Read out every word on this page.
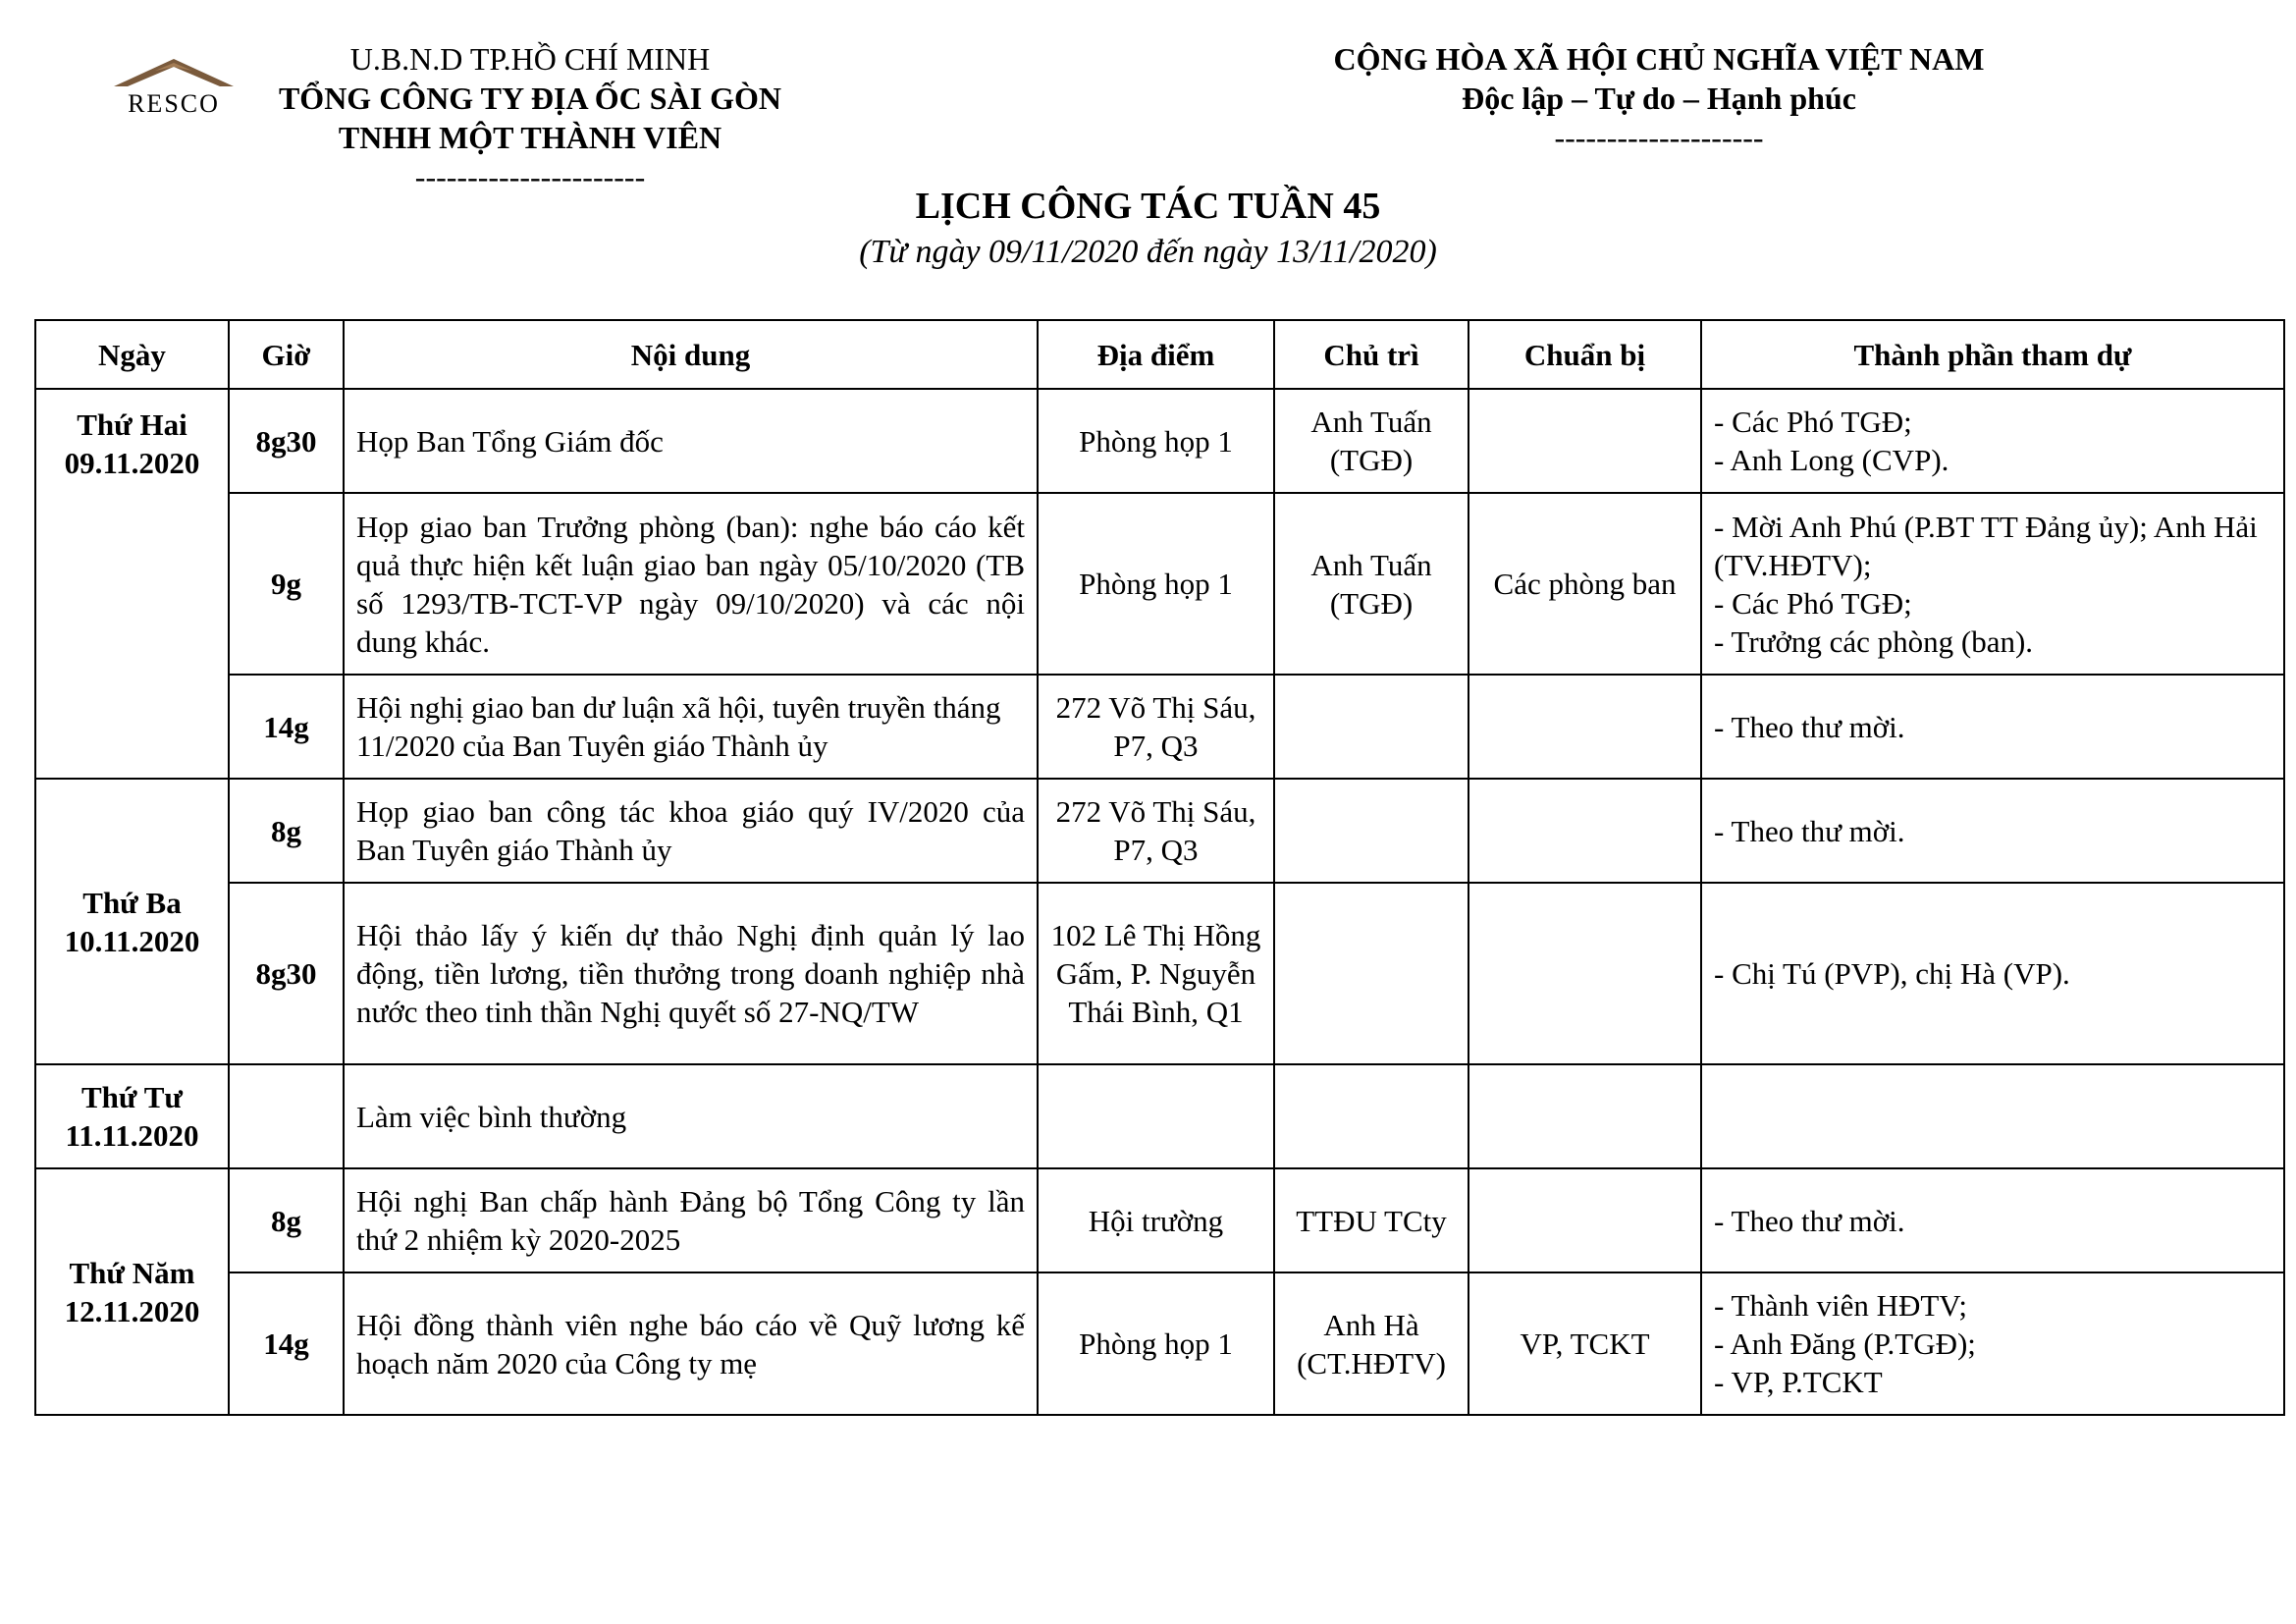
RESCO
U.B.N.D TP.HỒ CHÍ MINH
TỔNG CÔNG TY ĐỊA ỐC SÀI GÒN
TNHH MỘT THÀNH VIÊN
----------------------
CỘNG HÒA XÃ HỘI CHỦ NGHĨA VIỆT NAM
Độc lập – Tự do – Hạnh phúc
--------------------
LỊCH CÔNG TÁC TUẦN 45
(Từ ngày 09/11/2020 đến ngày 13/11/2020)
Ngày	Giờ	Nội dung	Địa điểm	Chủ trì	Chuẩn bị	Thành phần tham dự

Thứ Hai
09.11.2020	8g30	Họp Ban Tổng Giám đốc	Phòng họp 1	Anh Tuấn (TGĐ)		- Các Phó TGĐ;
- Anh Long (CVP).

	9g	Họp giao ban Trưởng phòng (ban): nghe báo cáo kết quả thực hiện kết luận giao ban ngày 05/10/2020 (TB số 1293/TB-TCT-VP ngày 09/10/2020) và các nội dung khác.	Phòng họp 1	Anh Tuấn (TGĐ)	Các phòng ban	- Mời Anh Phú (P.BT TT Đảng ủy); Anh Hải (TV.HĐTV);
- Các Phó TGĐ;
- Trưởng các phòng (ban).

	14g	Hội nghị giao ban dư luận xã hội, tuyên truyền tháng 11/2020 của Ban Tuyên giáo Thành ủy	272 Võ Thị Sáu, P7, Q3			- Theo thư mời.

Thứ Ba
10.11.2020	8g	Họp giao ban công tác khoa giáo quý IV/2020 của Ban Tuyên giáo Thành ủy	272 Võ Thị Sáu, P7, Q3			- Theo thư mời.

	8g30	Hội thảo lấy ý kiến dự thảo Nghị định quản lý lao động, tiền lương, tiền thưởng trong doanh nghiệp nhà nước theo tinh thần Nghị quyết số 27-NQ/TW	102 Lê Thị Hồng Gấm, P. Nguyễn Thái Bình, Q1			- Chị Tú (PVP), chị Hà (VP).

Thứ Tư
11.11.2020		Làm việc bình thường				

Thứ Năm
12.11.2020	8g	Hội nghị Ban chấp hành Đảng bộ Tổng Công ty lần thứ 2 nhiệm kỳ 2020-2025	Hội trường	TTĐU TCty		- Theo thư mời.

	14g	Hội đồng thành viên nghe báo cáo về Quỹ lương kế hoạch năm 2020 của Công ty mẹ	Phòng họp 1	Anh Hà (CT.HĐTV)	VP, TCKT	- Thành viên HĐTV;
- Anh Đăng (P.TGĐ);
- VP, P.TCKT
